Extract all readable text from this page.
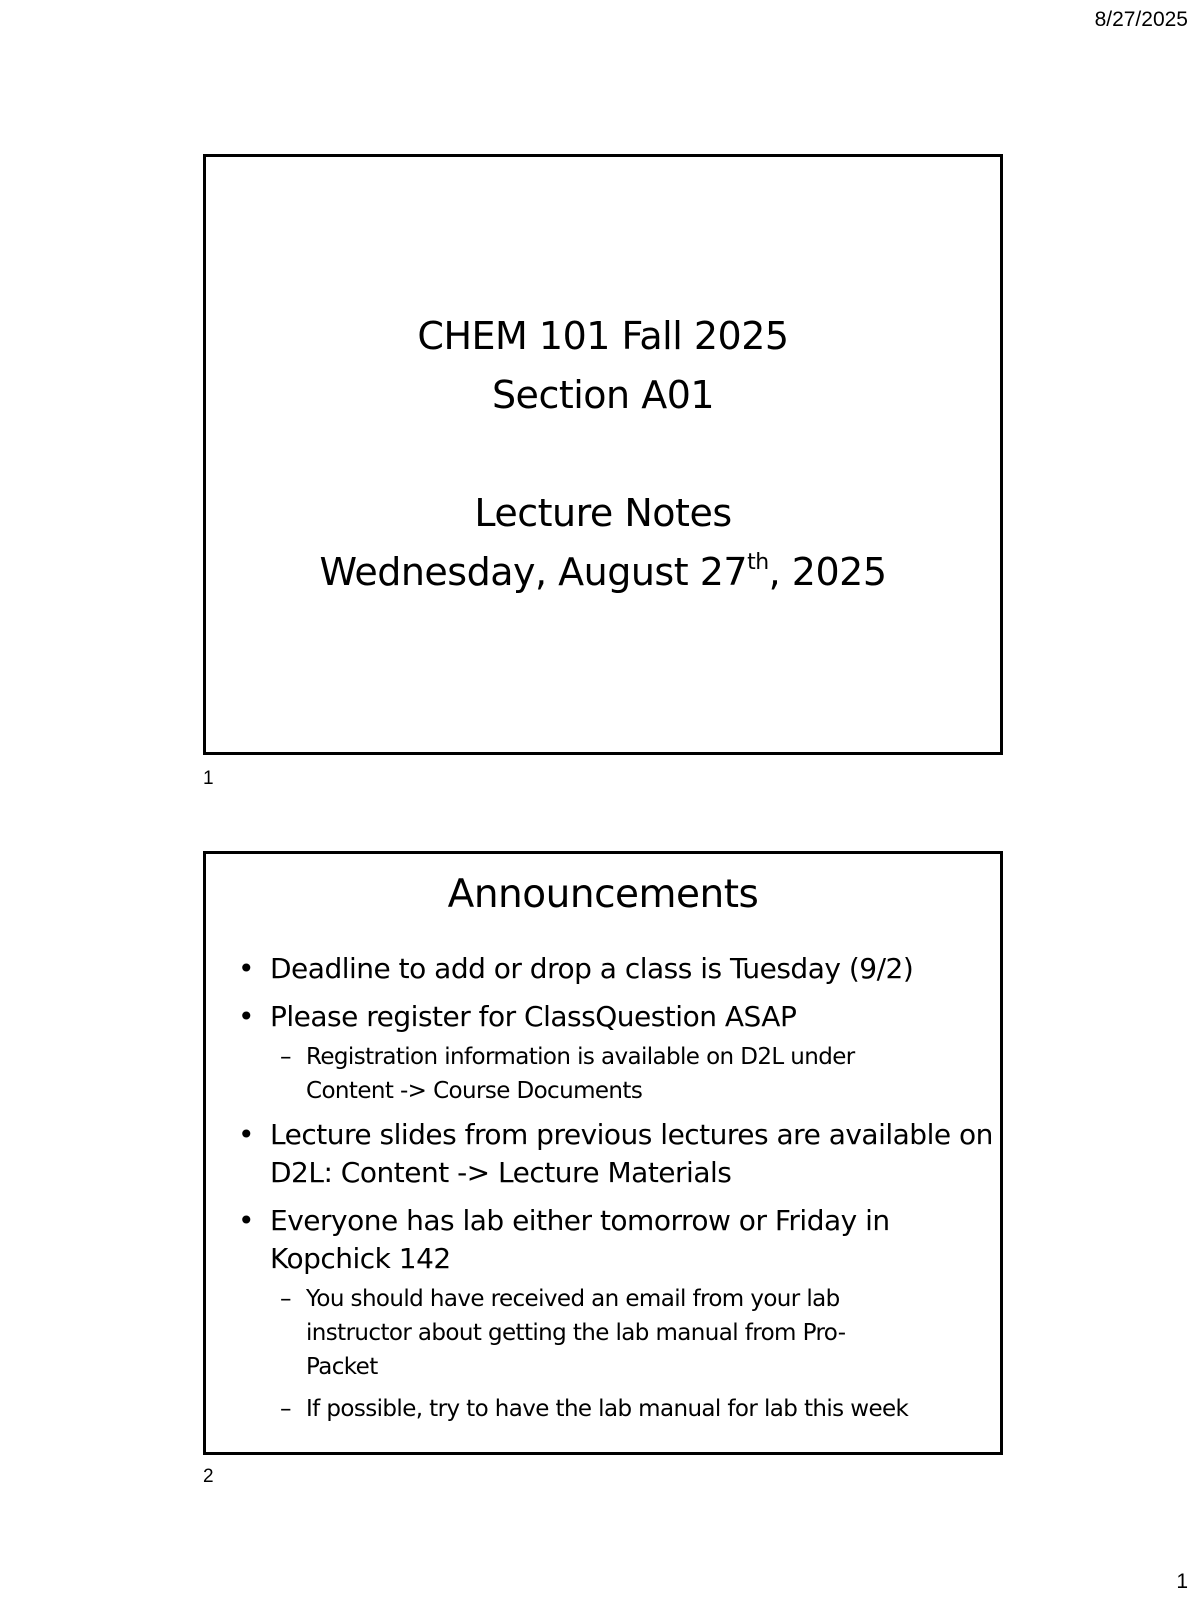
8/27/2025
CHEM 101 Fall 2025
Section A01
Lecture Notes
Wednesday, August 27th, 2025
1
Announcements
• Deadline to add or drop a class is Tuesday (9/2)
• Please register for ClassQuestion ASAP
– Registration information is available on D2L under Content -> Course Documents
• Lecture slides from previous lectures are available on D2L: Content -> Lecture Materials
• Everyone has lab either tomorrow or Friday in Kopchick 142
– You should have received an email from your lab instructor about getting the lab manual from Pro-Packet
– If possible, try to have the lab manual for lab this week
2
1
